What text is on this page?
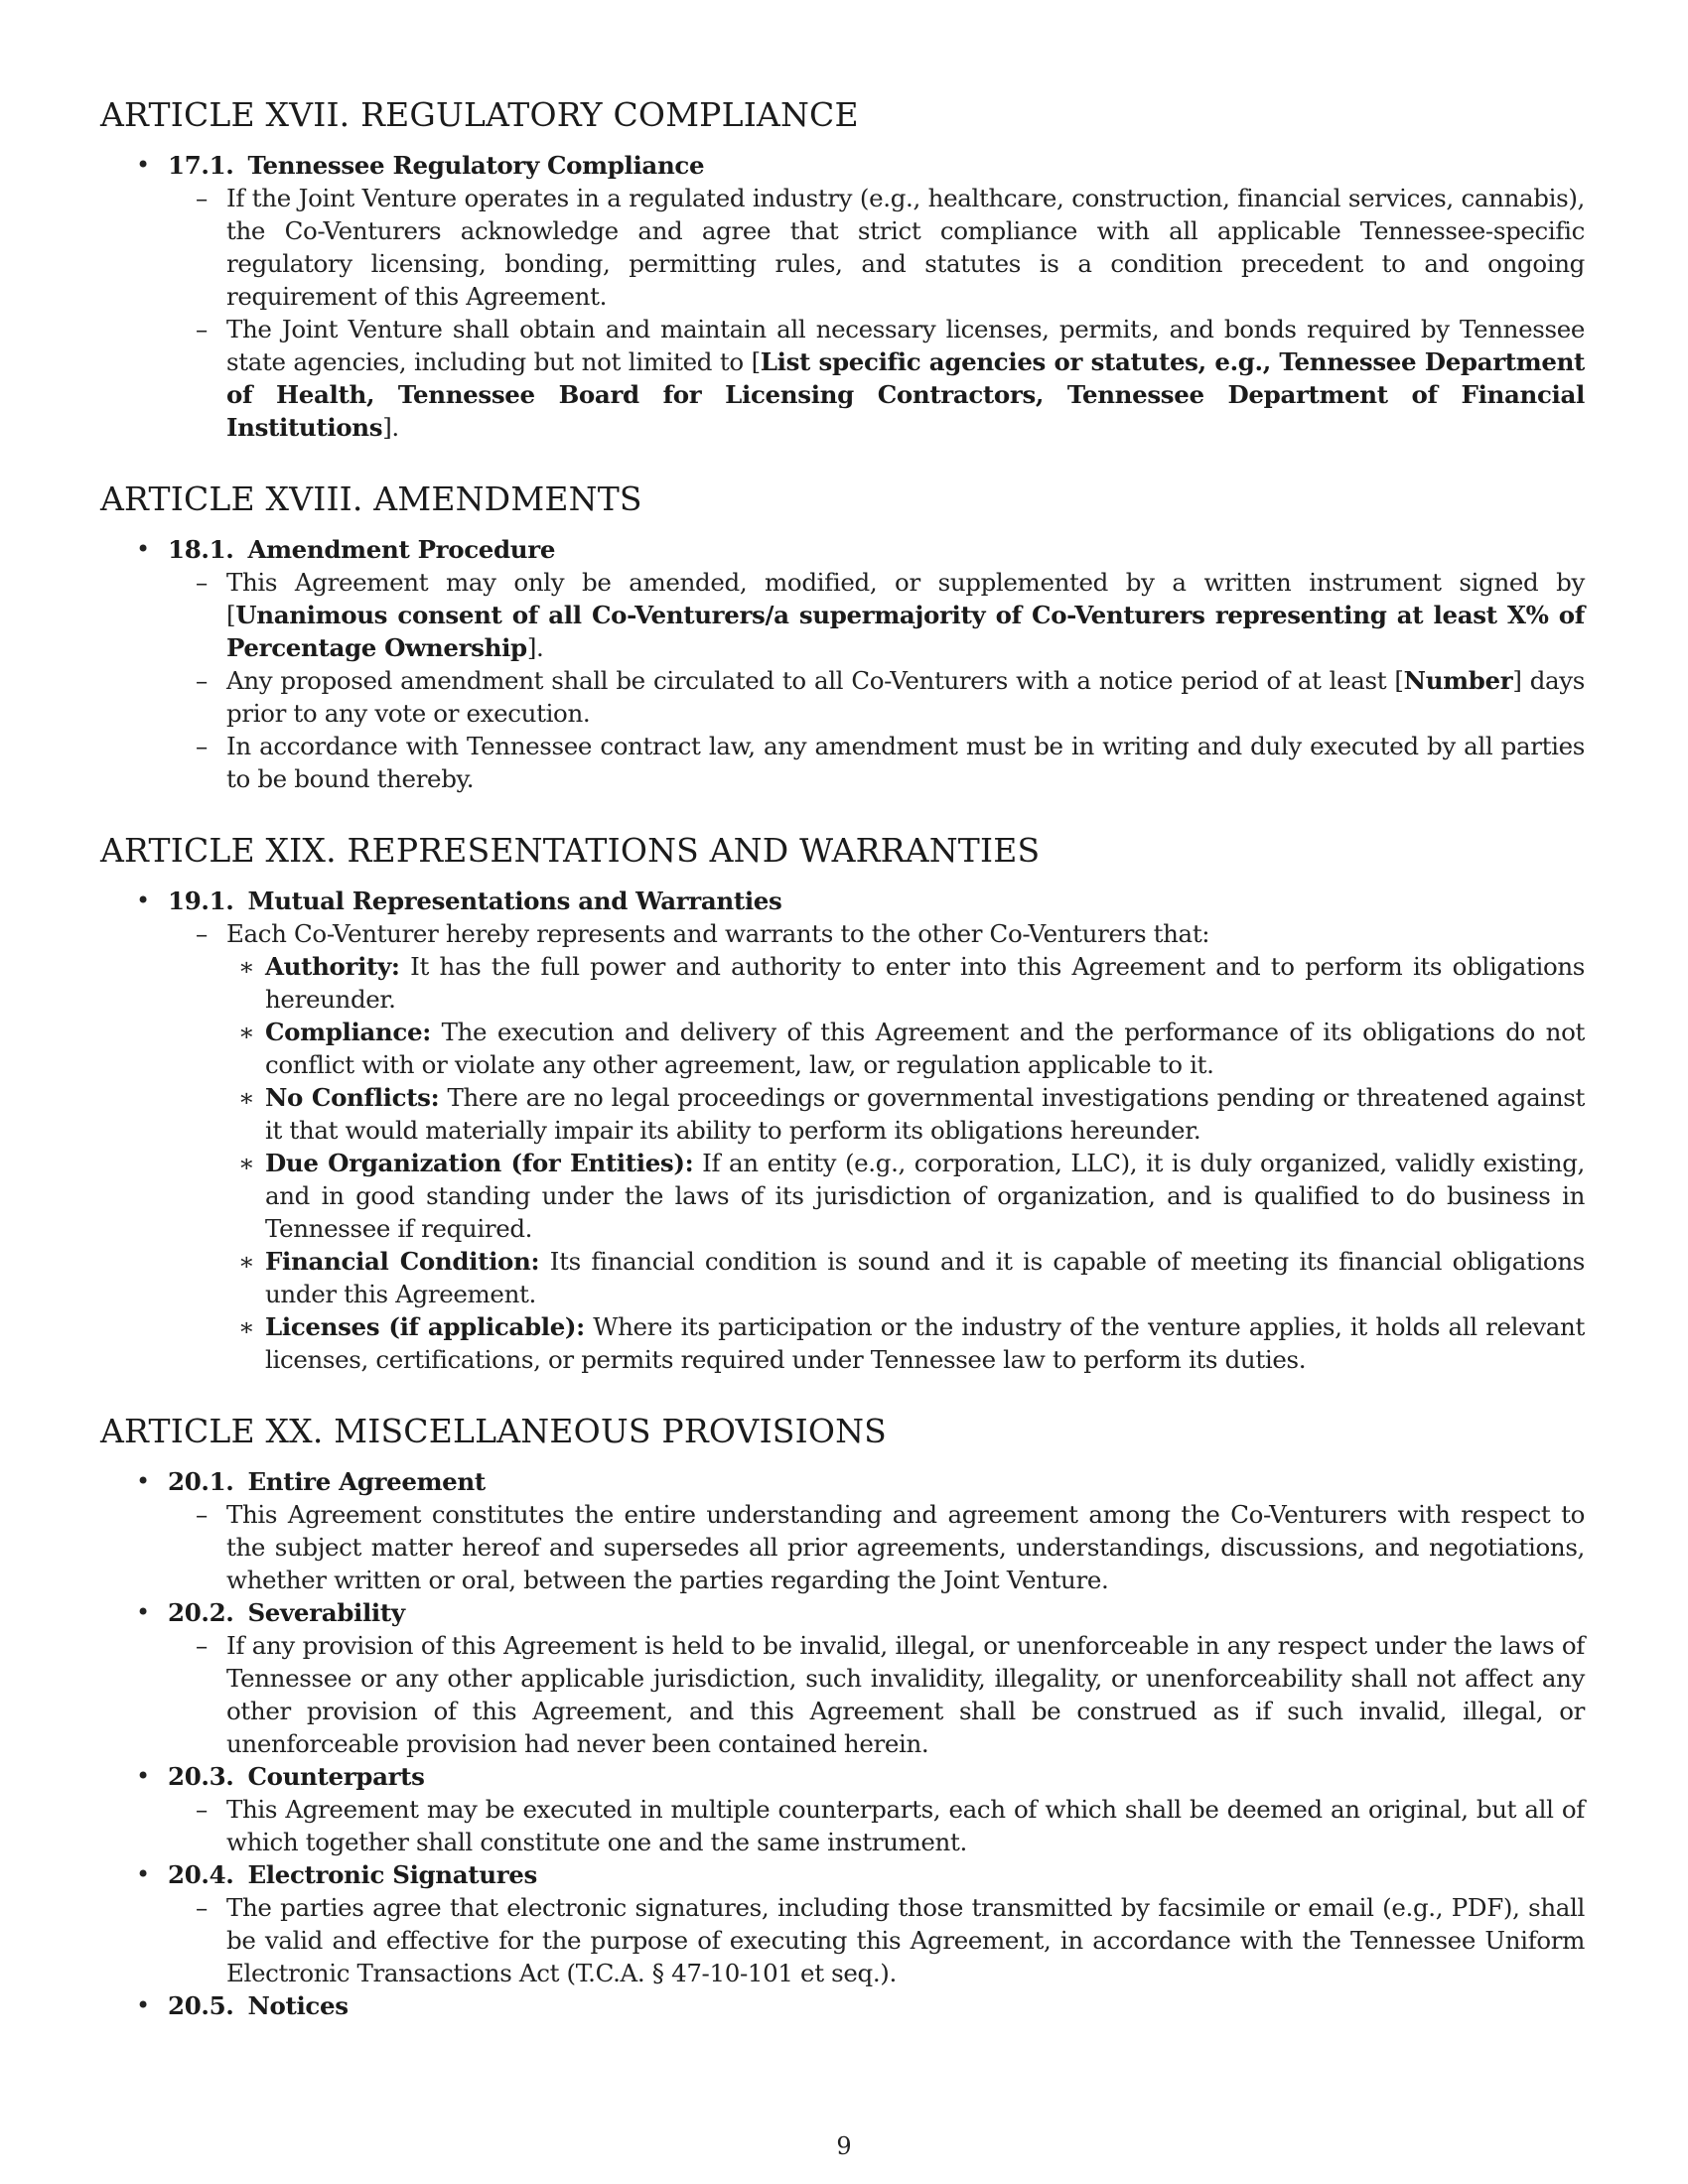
ARTICLE XVII. REGULATORY COMPLIANCE
• 17.1. Tennessee Regulatory Compliance
– If the Joint Venture operates in a regulated industry (e.g., healthcare, construction, financial services, cannabis), the Co-Venturers acknowledge and agree that strict compliance with all applicable Tennessee-specific regulatory licensing, bonding, permitting rules, and statutes is a condition precedent to and ongoing requirement of this Agreement.
– The Joint Venture shall obtain and maintain all necessary licenses, permits, and bonds required by Tennessee state agencies, including but not limited to [List specific agencies or statutes, e.g., Tennessee Department of Health, Tennessee Board for Licensing Contractors, Tennessee Department of Financial Institutions].
ARTICLE XVIII. AMENDMENTS
• 18.1. Amendment Procedure
– This Agreement may only be amended, modified, or supplemented by a written instrument signed by [Unanimous consent of all Co-Venturers/a supermajority of Co-Venturers representing at least X% of Percentage Ownership].
– Any proposed amendment shall be circulated to all Co-Venturers with a notice period of at least [Number] days prior to any vote or execution.
– In accordance with Tennessee contract law, any amendment must be in writing and duly executed by all parties to be bound thereby.
ARTICLE XIX. REPRESENTATIONS AND WARRANTIES
• 19.1. Mutual Representations and Warranties
– Each Co-Venturer hereby represents and warrants to the other Co-Venturers that:
∗ Authority: It has the full power and authority to enter into this Agreement and to perform its obligations hereunder.
∗ Compliance: The execution and delivery of this Agreement and the performance of its obligations do not conflict with or violate any other agreement, law, or regulation applicable to it.
∗ No Conflicts: There are no legal proceedings or governmental investigations pending or threatened against it that would materially impair its ability to perform its obligations hereunder.
∗ Due Organization (for Entities): If an entity (e.g., corporation, LLC), it is duly organized, validly existing, and in good standing under the laws of its jurisdiction of organization, and is qualified to do business in Tennessee if required.
∗ Financial Condition: Its financial condition is sound and it is capable of meeting its financial obligations under this Agreement.
∗ Licenses (if applicable): Where its participation or the industry of the venture applies, it holds all relevant licenses, certifications, or permits required under Tennessee law to perform its duties.
ARTICLE XX. MISCELLANEOUS PROVISIONS
• 20.1. Entire Agreement
– This Agreement constitutes the entire understanding and agreement among the Co-Venturers with respect to the subject matter hereof and supersedes all prior agreements, understandings, discussions, and negotiations, whether written or oral, between the parties regarding the Joint Venture.
• 20.2. Severability
– If any provision of this Agreement is held to be invalid, illegal, or unenforceable in any respect under the laws of Tennessee or any other applicable jurisdiction, such invalidity, illegality, or unenforceability shall not affect any other provision of this Agreement, and this Agreement shall be construed as if such invalid, illegal, or unenforceable provision had never been contained herein.
• 20.3. Counterparts
– This Agreement may be executed in multiple counterparts, each of which shall be deemed an original, but all of which together shall constitute one and the same instrument.
• 20.4. Electronic Signatures
– The parties agree that electronic signatures, including those transmitted by facsimile or email (e.g., PDF), shall be valid and effective for the purpose of executing this Agreement, in accordance with the Tennessee Uniform Electronic Transactions Act (T.C.A. § 47-10-101 et seq.).
• 20.5. Notices
9
